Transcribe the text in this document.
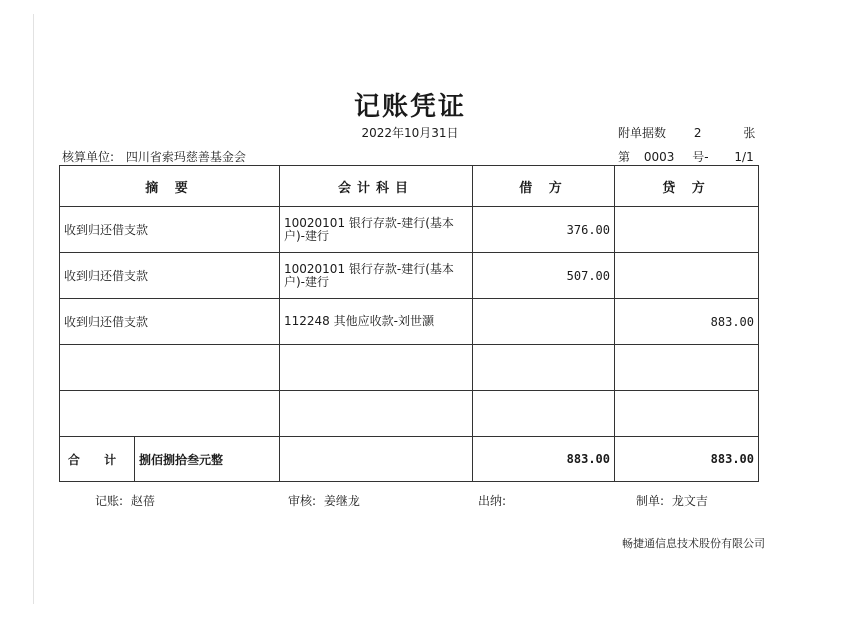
记账凭证
2022年10月31日
核算单位: 四川省索玛慈善基金会
附单据数 2	张
第 0003 号- 1/1
摘 要	会计科目	借 方	贷 方
收到归还借支款	10020101 银行存款-建行(基本户)-建行	376.00	
收到归还借支款	10020101 银行存款-建行(基本户)-建行	507.00	
收到归还借支款	112248 其他应收款-刘世灏		883.00

合 计 捌佰捌拾叁元整		883.00	883.00
记账: 赵蓓	审核: 姜继龙	出纳:	制单: 龙文吉
畅捷通信息技术股份有限公司
